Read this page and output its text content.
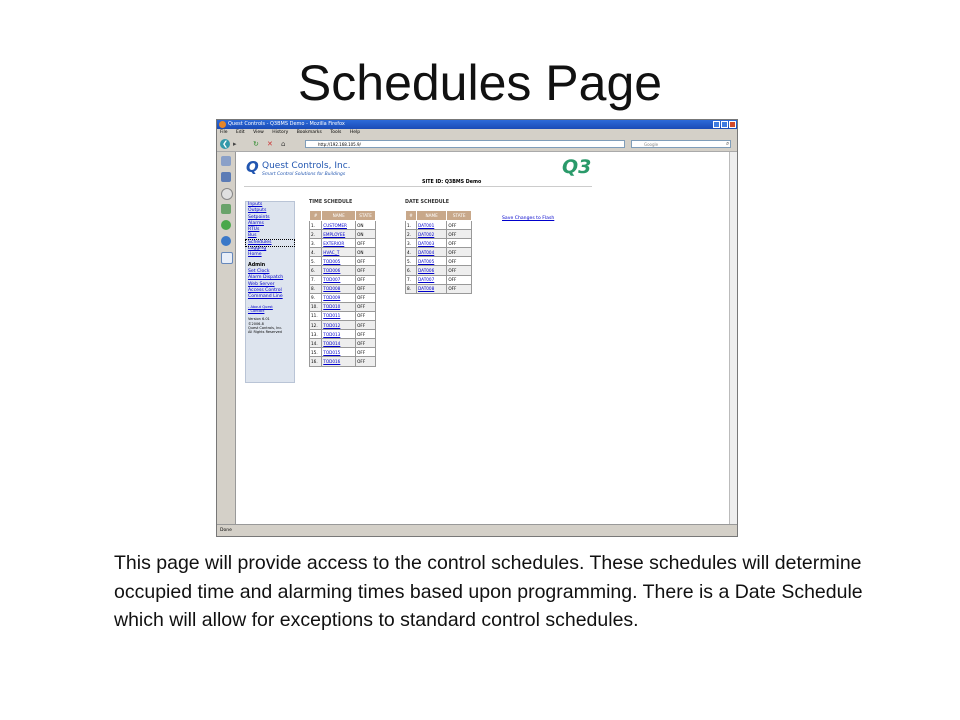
Schedules Page
Quest Controls - Q3BMS Demo - Mozilla Firefox
File Edit View History Bookmarks Tools Help
❮ ▸ ↻ ✕ ⌂	http://192.168.105.9/	Google	⌕
Q Quest Controls, Inc.
Smart Control Solutions for Buildings
SITE ID: Q3BMS Demo
Q3
Inputs
Outputs
Setpoints
Alarms
RTUs
Bus
Schedules
Logging
Home
Admin
Set Clock
Alarm Dispatch
Web Server
Access Control
Command Line
- About Quest
- Contact
Version 6.01
©2006-8
Quest Controls, Inc.
All Rights Reserved
TIME SCHEDULE
#	NAME	STATE
1.	CUSTOMER	ON
2.	EMPLOYEE	ON
3.	EXTERIOR	OFF
4.	HVAC_T	ON
5.	TOD005	OFF
6.	TOD006	OFF
7.	TOD007	OFF
8.	TOD008	OFF
9.	TOD009	OFF
10.	TOD010	OFF
11.	TOD011	OFF
12.	TOD012	OFF
13.	TOD013	OFF
14.	TOD014	OFF
15.	TOD015	OFF
16.	TOD016	OFF
DATE SCHEDULE
#	NAME	STATE
1.	DAT001	OFF
2.	DAT002	OFF
3.	DAT003	OFF
4.	DAT004	OFF
5.	DAT005	OFF
6.	DAT006	OFF
7.	DAT007	OFF
8.	DAT008	OFF
Save Changes to Flash
Done

This page will provide access to the control schedules. These schedules will determine occupied time and alarming times based upon programming. There is a Date Schedule which will allow for exceptions to standard control schedules.
